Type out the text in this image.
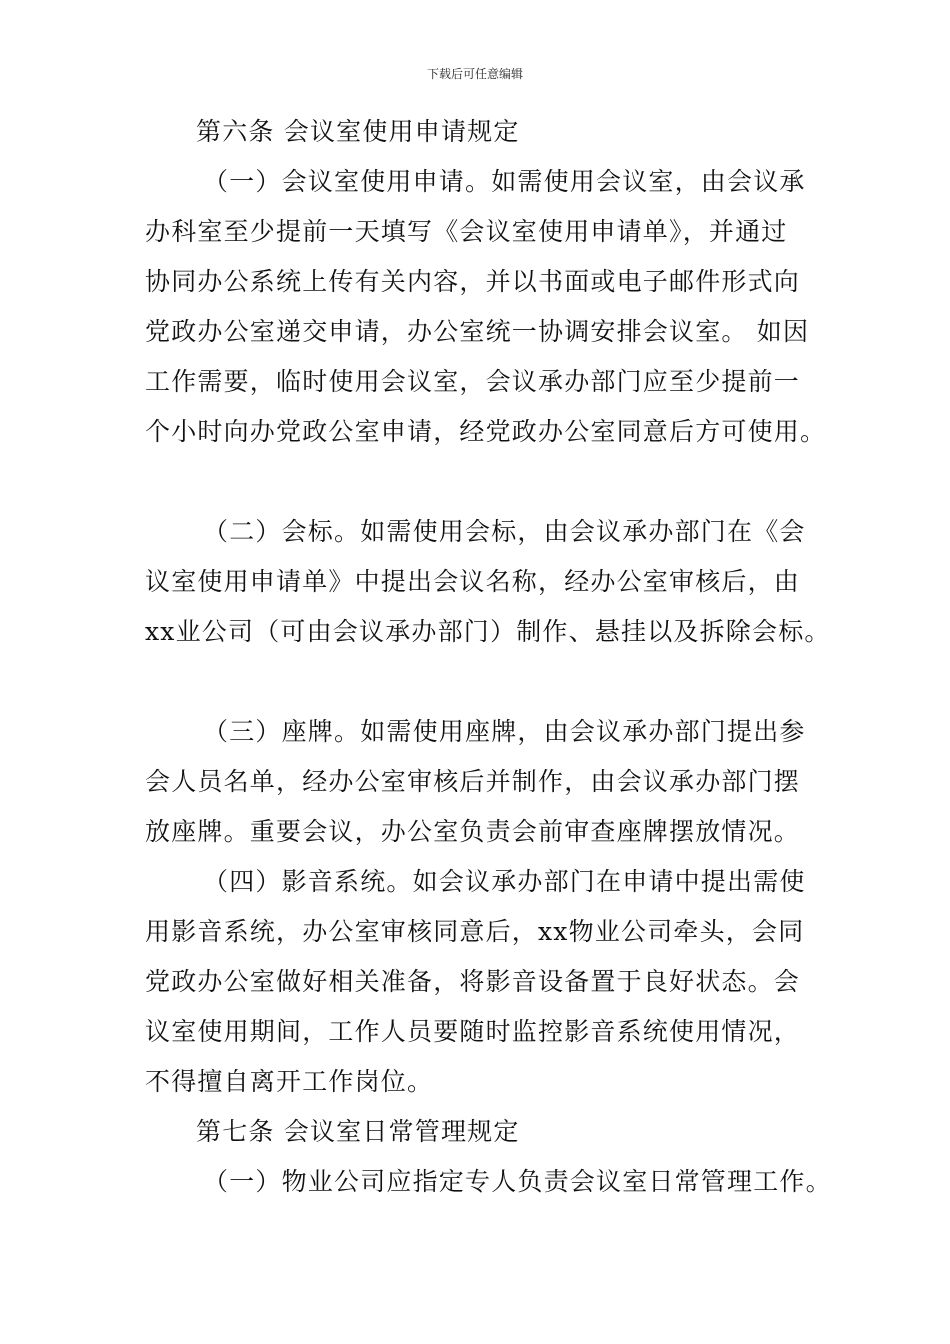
下载后可任意编辑
第六条 会议室使用申请规定
（一）会议室使用申请。如需使用会议室，由会议承
办科室至少提前一天填写《会议室使用申请单》，并通过
协同办公系统上传有关内容，并以书面或电子邮件形式向
党政办公室递交申请，办公室统一协调安排会议室。 如因
工作需要，临时使用会议室，会议承办部门应至少提前一
个小时向办党政公室申请，经党政办公室同意后方可使用。
（二）会标。如需使用会标，由会议承办部门在《会
议室使用申请单》中提出会议名称，经办公室审核后，由
xx业公司（可由会议承办部门）制作、悬挂以及拆除会标。
（三）座牌。如需使用座牌，由会议承办部门提出参
会人员名单，经办公室审核后并制作，由会议承办部门摆
放座牌。重要会议，办公室负责会前审查座牌摆放情况。
（四）影音系统。如会议承办部门在申请中提出需使
用影音系统，办公室审核同意后，xx物业公司牵头，会同
党政办公室做好相关准备，将影音设备置于良好状态。会
议室使用期间，工作人员要随时监控影音系统使用情况，
不得擅自离开工作岗位。
第七条 会议室日常管理规定
（一）物业公司应指定专人负责会议室日常管理工作。
